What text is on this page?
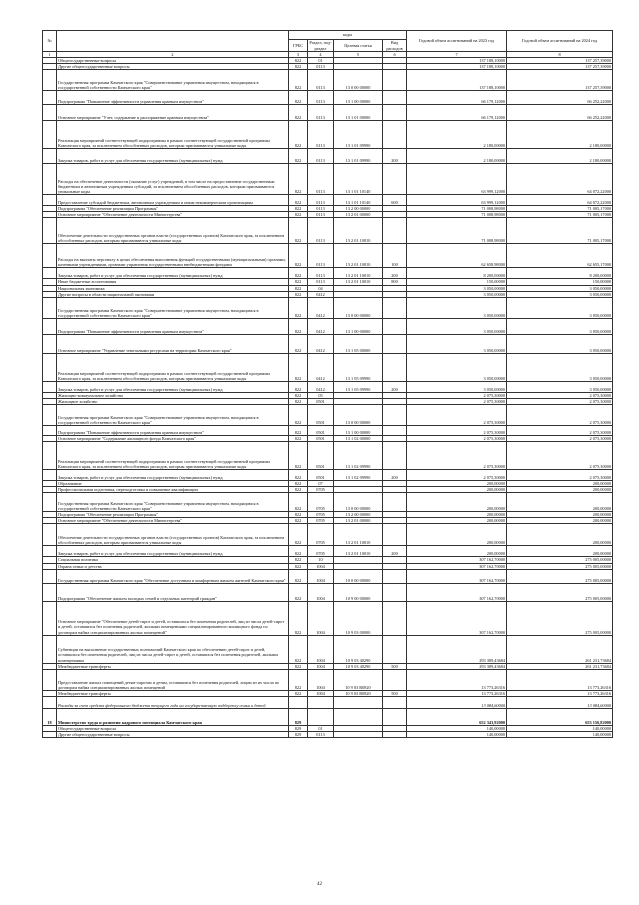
№		коды				Годовой объем ассигнований на 2023 год	Годовой объем ассигнований на 2024 год
		ГРБС	Раздел, под-раздел	Целевая статья	Вид расходов		
1	2	3	4	5	6	7	8
	Общегосударственные вопросы	822	01			137 188,10000	137 257,39000
	Другие общегосударственные вопросы	822	0113			137 188,10000	137 257,39000
	Государственная программа Камчатского края "Совершенствование управления имуществом, находящимся в государственной собственности Камчатского края"	822	0113	13 0 00 00000		137 188,10000	137 257,39000
	Подпрограмма "Повышение эффективности управления краевым имуществом"	822	0113	13 1 00 00000		66 179,12000	66 252,22000
	Основное мероприятие "Учет, содержание и распоряжение краевым имуществом"	822	0113	13 1 01 00000		66 179,12000	66 252,22000
	Реализация мероприятий соответствующей подпрограммы в рамках соответствующей государственной программы Камчатского края, за исключением обособленных расходов, которым присваиваются уникальные коды	822	0113	13 1 01 09990		2 180,00000	2 180,00000
	Закупка товаров, работ и услуг для обеспечения государственных (муниципальных) нужд	822	0113	13 1 01 09990	200	2 180,00000	2 180,00000
	Расходы на обеспечение деятельности (оказание услуг) учреждений, в том числе на предоставление государственным бюджетным и автономным учреждениям субсидий, за исключением обособленных расходов, которым присваиваются уникальные коды	822	0113	13 1 01 10140		63 999,12000	64 072,22000
	Предоставление субсидий бюджетным, автономным учреждениям и иным некоммерческим организациям	822	0113	13 1 01 10140	600	63 999,12000	64 072,22000
	Подпрограмма "Обеспечение реализации Программы"	822	0113	13 2 00 00000		71 008,98000	71 005,17000
	Основное мероприятие "Обеспечение деятельности Министерства"	822	0113	13 2 01 00000		71 008,98000	71 005,17000
	Обеспечение деятельности государственных органов власти (государственных органов) Камчатского края, за исключением обособленных расходов, которым присваиваются уникальные коды	822	0113	13 2 01 10010		71 008,98000	71 005,17000
	Расходы на выплаты персоналу в целях обеспечения выполнения функций государственными (муниципальными) органами, казенными учреждениями, органами управления государственными внебюджетными фондами	822	0113	13 2 01 10010	100	62 658,98000	62 655,17000
	Закупка товаров, работ и услуг для обеспечения государственных (муниципальных) нужд	822	0113	13 2 01 10010	200	8 200,00000	8 200,00000
	Иные бюджетные ассигнования	822	0113	13 2 01 10010	800	150,00000	150,00000
	Национальная экономика	822	04			3 050,00000	3 050,00000
	Другие вопросы в области национальной экономики	822	0412			3 050,00000	3 050,00000
	Государственная программа Камчатского края "Совершенствование управления имуществом, находящимся в государственной собственности Камчатского края"	822	0412	13 0 00 00000		3 050,00000	3 050,00000
	Подпрограмма "Повышение эффективности управления краевым имуществом"	822	0412	13 1 00 00000		3 050,00000	3 050,00000
	Основное мероприятие "Управление земельными ресурсами на территории Камчатского края"	822	0412	13 1 05 00000		3 050,00000	3 050,00000
	Реализация мероприятий соответствующей подпрограммы в рамках соответствующей государственной программы Камчатского края, за исключением обособленных расходов, которым присваиваются уникальные коды	822	0412	13 1 05 09990		3 050,00000	3 050,00000
	Закупка товаров, работ и услуг для обеспечения государственных (муниципальных) нужд	822	0412	13 1 05 09990	200	3 050,00000	3 050,00000
	Жилищно-коммунальное хозяйство	822	05			2 075,30000	2 075,30000
	Жилищное хозяйство	822	0501			2 075,30000	2 075,30000
	Государственная программа Камчатского края "Совершенствование управления имуществом, находящимся в государственной собственности Камчатского края"	822	0501	13 0 00 00000		2 075,30000	2 075,30000
	Подпрограмма "Повышение эффективности управления краевым имуществом"	822	0501	13 1 00 00000		2 075,30000	2 075,30000
	Основное мероприятие "Содержание жилищного фонда Камчатского края"	822	0501	13 1 02 00000		2 075,30000	2 075,30000
	Реализация мероприятий соответствующей подпрограммы в рамках соответствующей государственной программы Камчатского края, за исключением обособленных расходов, которым присваиваются уникальные коды	822	0501	13 1 02 09990		2 075,30000	2 075,30000
	Закупка товаров, работ и услуг для обеспечения государственных (муниципальных) нужд	822	0501	13 1 02 09990	200	2 075,30000	2 075,30000
	Образование	822	07			200,00000	200,00000
	Профессиональная подготовка, переподготовка и повышение квалификации	822	0705			200,00000	200,00000
	Государственная программа Камчатского края "Совершенствование управления имуществом, находящимся в государственной собственности Камчатского края"	822	0705	13 0 00 00000		200,00000	200,00000
	Подпрограмма "Обеспечение реализации Программы"	822	0705	13 2 00 00000		200,00000	200,00000
	Основное мероприятие "Обеспечение деятельности Министерства"	822	0705	13 2 01 00000		200,00000	200,00000
	Обеспечение деятельности государственных органов власти (государственных органов) Камчатского края, за исключением обособленных расходов, которым присваиваются уникальные коды	822	0705	13 2 01 10010		200,00000	200,00000
	Закупка товаров, работ и услуг для обеспечения государственных (муниципальных) нужд	822	0705	13 2 01 10010	200	200,00000	200,00000
	Социальная политика	822	10			307 162,70000	275 005,00000
	Охрана семьи и детства	822	1004			307 162,70000	275 005,00000
	Государственная программа Камчатского края "Обеспечение доступным и комфортным жильем жителей Камчатского края"	822	1004	10 0 00 00000		307 162,70000	275 005,00000
	Подпрограмма "Обеспечение жильем молодых семей и отдельных категорий граждан"	822	1004	10 9 00 00000		307 162,70000	275 005,00000
	Основное мероприятие "Обеспечение детей-сирот и детей, оставшихся без попечения родителей, лиц из числа детей-сирот и детей, оставшихся без попечения родителей, жилыми помещениями специализированного жилищного фонда по договорам найма специализированных жилых помещений"	822	1004	10 9 03 00000		307 162,70000	275 005,00000
	Субвенции на выполнение государственных полномочий Камчатского края по обеспечению детей-сирот и детей, оставшихся без попечения родителей, лиц из числа детей-сирот и детей, оставшихся без попечения родителей, жилыми помещениями	822	1004	10 9 03 40290		293 389,43684	261 231,73684
	Межбюджетные трансферты	822	1004	10 9 03 40290	500	293 389,43684	261 231,73684
	Предоставление жилых помещений детям-сиротам и детям, оставшимся без попечения родителей, лицам из их числа по договорам найма специализированных жилых помещений	822	1004	10 9 03 R0820		13 773,26316	13 773,26316
	Межбюджетные трансферты	822	1004	10 9 03 R0820	500	13 773,26316	13 773,26316
	Расходы за счет средств федерального бюджета текущего года на государственную поддержку семьи и детей					13 084,60000	13 084,60000
18	Министерство труда и развития кадрового потенциала Камчатского края	829				652 343,92000	653 156,82000
	Общегосударственные вопросы	829	01			140,00000	140,00000
	Другие общегосударственные вопросы	829	0113			140,00000	140,00000
42
